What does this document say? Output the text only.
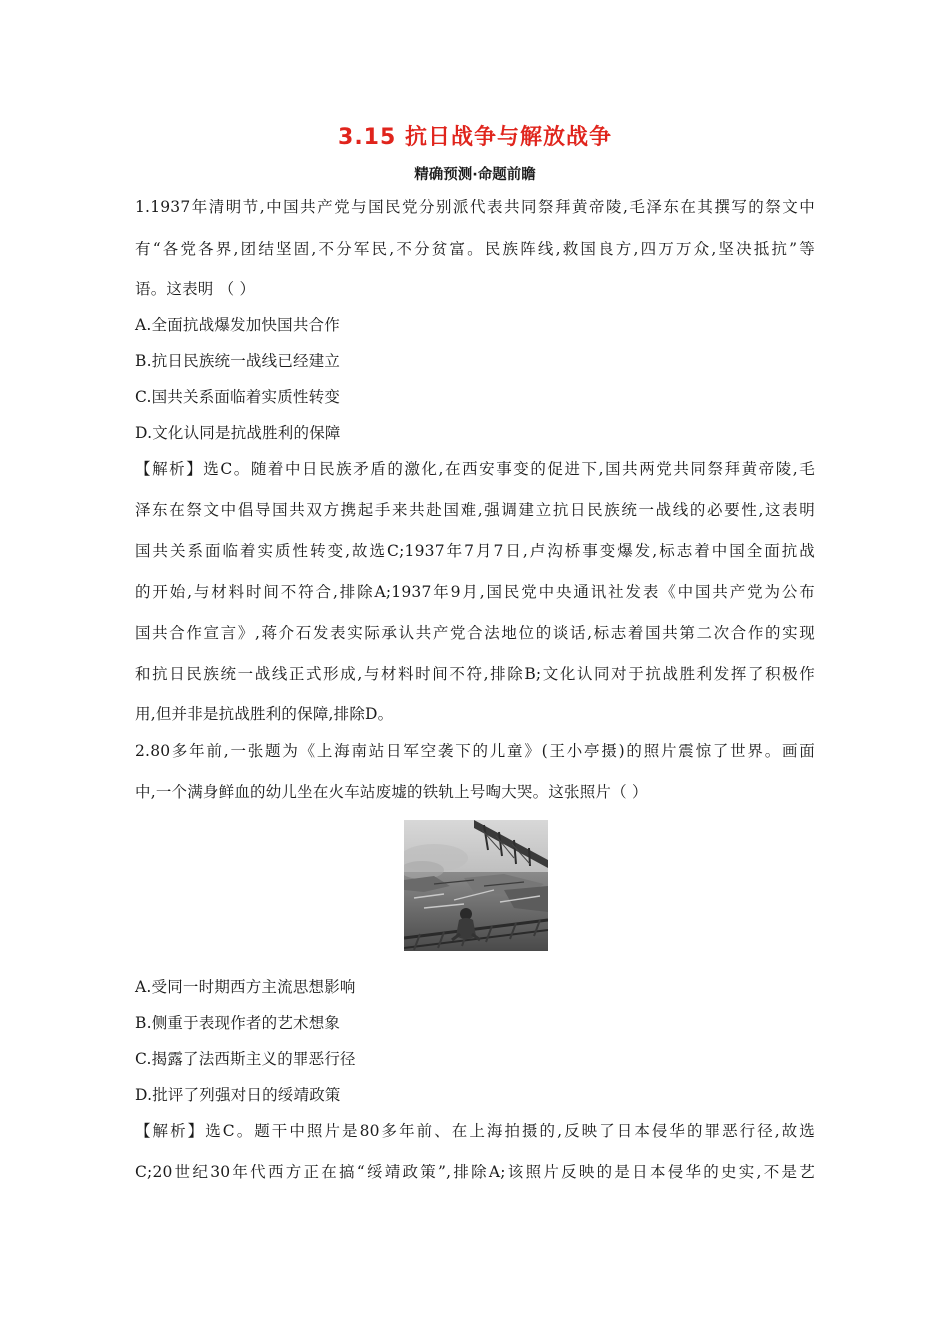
3.15 抗日战争与解放战争
精确预测·命题前瞻
1.1937年清明节,中国共产党与国民党分别派代表共同祭拜黄帝陵,毛泽东在其撰写的祭文中
有“各党各界,团结坚固,不分军民,不分贫富。民族阵线,救国良方,四万万众,坚决抵抗”等
语。这表明 （ ）
A.全面抗战爆发加快国共合作
B.抗日民族统一战线已经建立
C.国共关系面临着实质性转变
D.文化认同是抗战胜利的保障
【解析】选C。随着中日民族矛盾的激化,在西安事变的促进下,国共两党共同祭拜黄帝陵,毛
泽东在祭文中倡导国共双方携起手来共赴国难,强调建立抗日民族统一战线的必要性,这表明
国共关系面临着实质性转变,故选C;1937年7月7日,卢沟桥事变爆发,标志着中国全面抗战
的开始,与材料时间不符合,排除A;1937年9月,国民党中央通讯社发表《中国共产党为公布
国共合作宣言》,蒋介石发表实际承认共产党合法地位的谈话,标志着国共第二次合作的实现
和抗日民族统一战线正式形成,与材料时间不符,排除B;文化认同对于抗战胜利发挥了积极作
用,但并非是抗战胜利的保障,排除D。
2.80多年前,一张题为《上海南站日军空袭下的儿童》(王小亭摄)的照片震惊了世界。画面
中,一个满身鲜血的幼儿坐在火车站废墟的铁轨上号啕大哭。这张照片（ ）
A.受同一时期西方主流思想影响
B.侧重于表现作者的艺术想象
C.揭露了法西斯主义的罪恶行径
D.批评了列强对日的绥靖政策
【解析】选C。题干中照片是80多年前、在上海拍摄的,反映了日本侵华的罪恶行径,故选
C;20世纪30年代西方正在搞“绥靖政策”,排除A;该照片反映的是日本侵华的史实,不是艺
